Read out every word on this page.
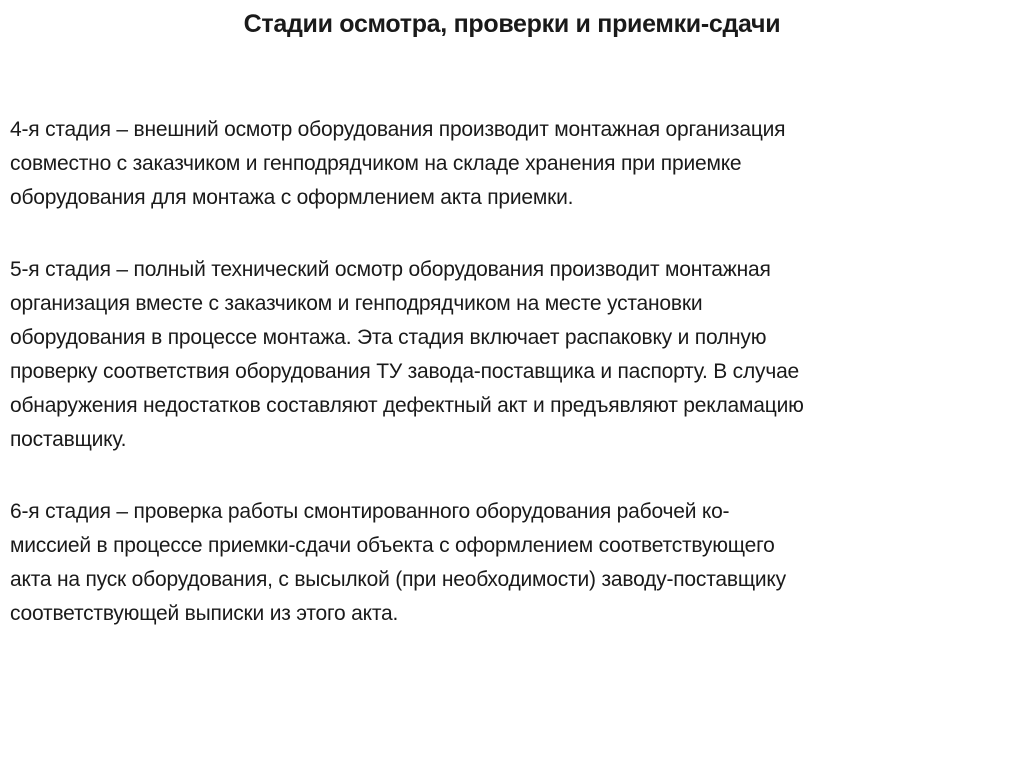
Стадии осмотра, проверки и приемки-сдачи
4-я стадия – внешний осмотр оборудования производит монтажная организация
совместно с заказчиком и генподрядчиком на складе хранения при приемке
оборудования для монтажа с оформлением акта приемки.
5-я стадия – полный технический осмотр оборудования производит монтажная
организация вместе с заказчиком и генподрядчиком на месте установки
оборудования в процессе монтажа. Эта стадия включает распаковку и полную
проверку соответствия оборудования ТУ завода-поставщика и паспорту. В случае
обнаружения недостатков составляют дефектный акт и предъявляют рекламацию
поставщику.
6-я стадия – проверка работы смонтированного оборудования рабочей ко-
миссией в процессе приемки-сдачи объекта с оформлением соответствующего
акта на пуск оборудования, с высылкой (при необходимости) заводу-поставщику
соответствующей выписки из этого акта.
